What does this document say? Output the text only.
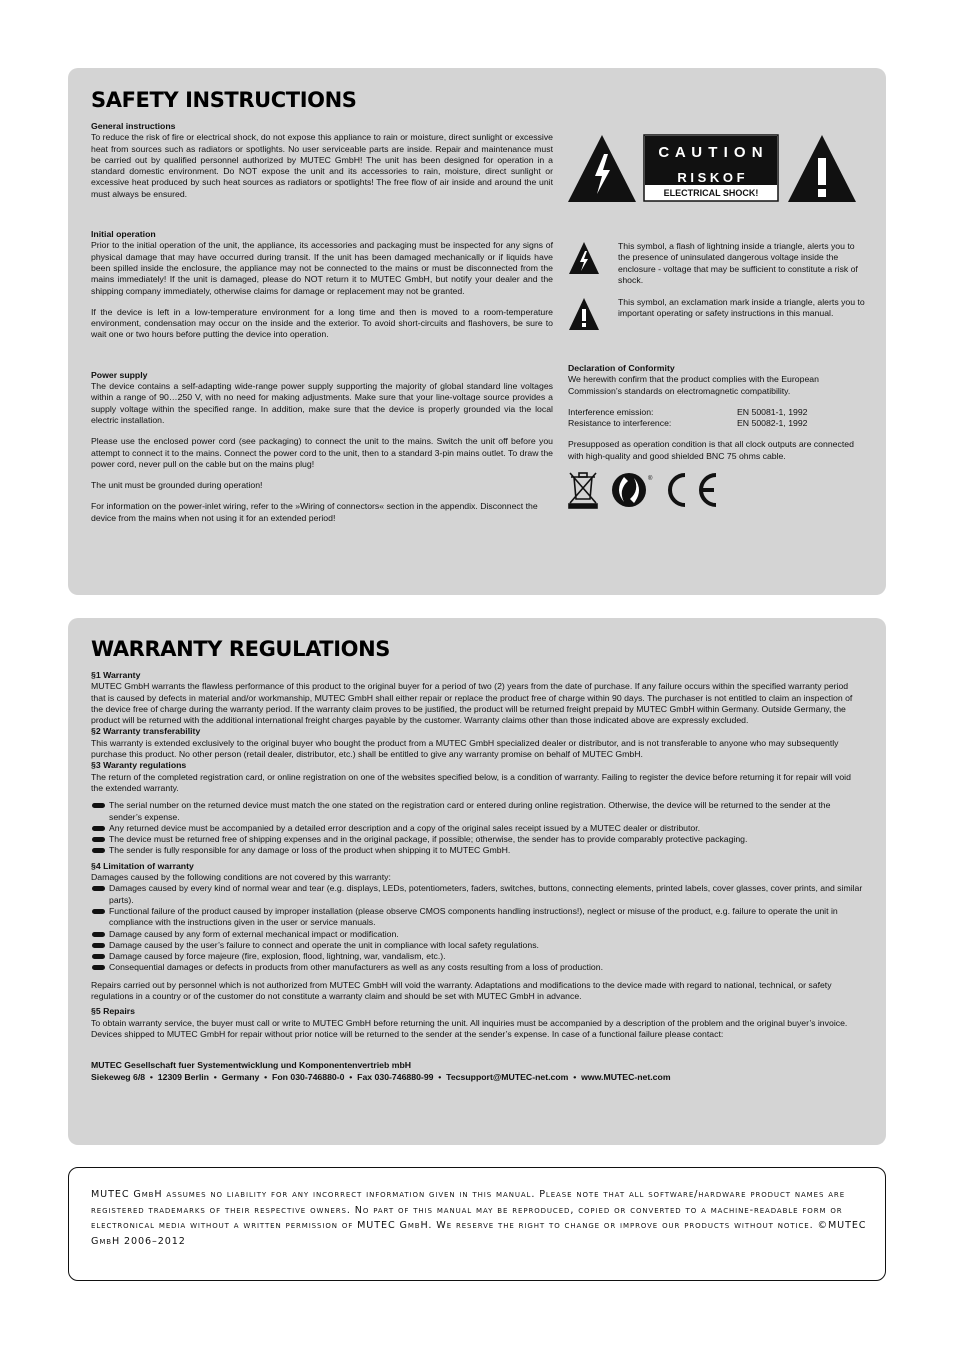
SAFETY INSTRUCTIONS

General instructions

To reduce the risk of fire or electrical shock, do not expose this appliance to rain or moisture, direct sunlight or excessive heat from sources such as radiators or spotlights. No user serviceable parts are inside. Repair and maintenance must be carried out by qualified personnel authorized by MUTEC GmbH! The unit has been designed for operation in a standard domestic environment. Do NOT expose the unit and its accessories to rain, moisture, direct sunlight or excessive heat produced by such heat sources as radiators or spotlights! The free flow of air inside and around the unit must always be ensured.

Initial operation

Prior to the initial operation of the unit, the appliance, its accessories and packaging must be inspected for any signs of physical damage that may have occurred during transit. If the unit has been damaged mechanically or if liquids have been spilled inside the enclosure, the appliance may not be connected to the mains or must be disconnected from the mains immediately! If the unit is damaged, please do NOT return it to MUTEC GmbH, but notify your dealer and the shipping company immediately, otherwise claims for damage or replacement may not be granted.

If the device is left in a low-temperature environment for a long time and then is moved to a room-temperature environment, condensation may occur on the inside and the exterior. To avoid short-circuits and flashovers, be sure to wait one or two hours before putting the device into operation.

Power supply

The device contains a self-adapting wide-range power supply supporting the majority of global standard line voltages within a range of 90…250 V, with no need for making adjustments. Make sure that your line-voltage source provides a supply voltage within the specified range. In addition, make sure that the device is properly grounded via the local electric installation.

Please use the enclosed power cord (see packaging) to connect the unit to the mains. Switch the unit off before you attempt to connect it to the mains. Connect the power cord to the unit, then to a standard 3-pin mains outlet. To draw the power cord, never pull on the cable but on the mains plug!

The unit must be grounded during operation!

For information on the power-inlet wiring, refer to the »Wiring of connectors« section in the appendix. Disconnect the device from the mains when not using it for an extended period!

C A U T I O N
R I S K O F
ELECTRICAL SHOCK!

This symbol, a flash of lightning inside a triangle, alerts you to the presence of uninsulated dangerous voltage inside the enclosure - voltage that may be sufficient to constitute a risk of shock.

This symbol, an exclamation mark inside a triangle, alerts you to important operating or safety instructions in this manual.

Declaration of Conformity

We herewith confirm that the product complies with the European Commission’s standards on electromagnetic compatibility.

Interference emission:	EN 50081-1, 1992
Resistance to interference:	EN 50082-1, 1992

Presupposed as operation condition is that all clock outputs are connected with high-quality and good shielded BNC 75 ohms cable.

®
WARRANTY REGULATIONS

§1 Warranty

MUTEC GmbH warrants the flawless performance of this product to the original buyer for a period of two (2) years from the date of purchase. If any failure occurs within the specified warranty period that is caused by defects in material and/or workmanship, MUTEC GmbH shall either repair or replace the product free of charge within 90 days. The purchaser is not entitled to claim an inspection of the device free of charge during the warranty period. If the warranty claim proves to be justified, the product will be returned freight prepaid by MUTEC GmbH within Germany. Outside Germany, the product will be returned with the additional international freight charges payable by the customer. Warranty claims other than those indicated above are expressly excluded.

§2 Warranty transferability

This warranty is extended exclusively to the original buyer who bought the product from a MUTEC GmbH specialized dealer or distributor, and is not transferable to anyone who may subsequently purchase this product. No other person (retail dealer, distributor, etc.) shall be entitled to give any warranty promise on behalf of MUTEC GmbH.

§3 Waranty regulations

The return of the completed registration card, or online registration on one of the websites specified below, is a condition of warranty. Failing to register the device before returning it for repair will void the extended warranty.

The serial number on the returned device must match the one stated on the registration card or entered during online registration. Otherwise, the device will be returned to the sender at the sender’s expense.
Any returned device must be accompanied by a detailed error description and a copy of the original sales receipt issued by a MUTEC dealer or distributor.
The device must be returned free of shipping expenses and in the original package, if possible; otherwise, the sender has to provide comparably protective packaging.
The sender is fully responsible for any damage or loss of the product when shipping it to MUTEC GmbH.

§4 Limitation of warranty

Damages caused by the following conditions are not covered by this warranty:

Damages caused by every kind of normal wear and tear (e.g. displays, LEDs, potentiometers, faders, switches, buttons, connecting elements, printed labels, cover glasses, cover prints, and similar parts).
Functional failure of the product caused by improper installation (please observe CMOS components handling instructions!), neglect or misuse of the product, e.g. failure to operate the unit in compliance with the instructions given in the user or service manuals.
Damage caused by any form of external mechanical impact or modification.
Damage caused by the user’s failure to connect and operate the unit in compliance with local safety regulations.
Damage caused by force majeure (fire, explosion, flood, lightning, war, vandalism, etc.).
Consequential damages or defects in products from other manufacturers as well as any costs resulting from a loss of production.

Repairs carried out by personnel which is not authorized from MUTEC GmbH will void the warranty. Adaptations and modifications to the device made with regard to national, technical, or safety regulations in a country or of the customer do not constitute a warranty claim and should be set with MUTEC GmbH in advance.

§5 Repairs

To obtain warranty service, the buyer must call or write to MUTEC GmbH before returning the unit. All inquiries must be accompanied by a description of the problem and the original buyer’s invoice. Devices shipped to MUTEC GmbH for repair without prior notice will be returned to the sender at the sender’s expense. In case of a functional failure please contact:

MUTEC Gesellschaft fuer Systementwicklung und Komponentenvertrieb mbH

Siekeweg 6/8  •  12309 Berlin  •  Germany  •  Fon 030-746880-0  •  Fax 030-746880-99  •  Tecsupport@MUTEC-net.com  •  www.MUTEC-net.com

MUTEC GmbH assumes no liability for any incorrect information given in this manual. Please note that all software/hardware product names are registered trademarks of their respective owners. No part of this manual may be reproduced, copied or converted to a machine-readable form or electronical media without a written permission of MUTEC GmbH. We reserve the right to change or improve our products without notice. ©MUTEC GmbH 2006–2012
